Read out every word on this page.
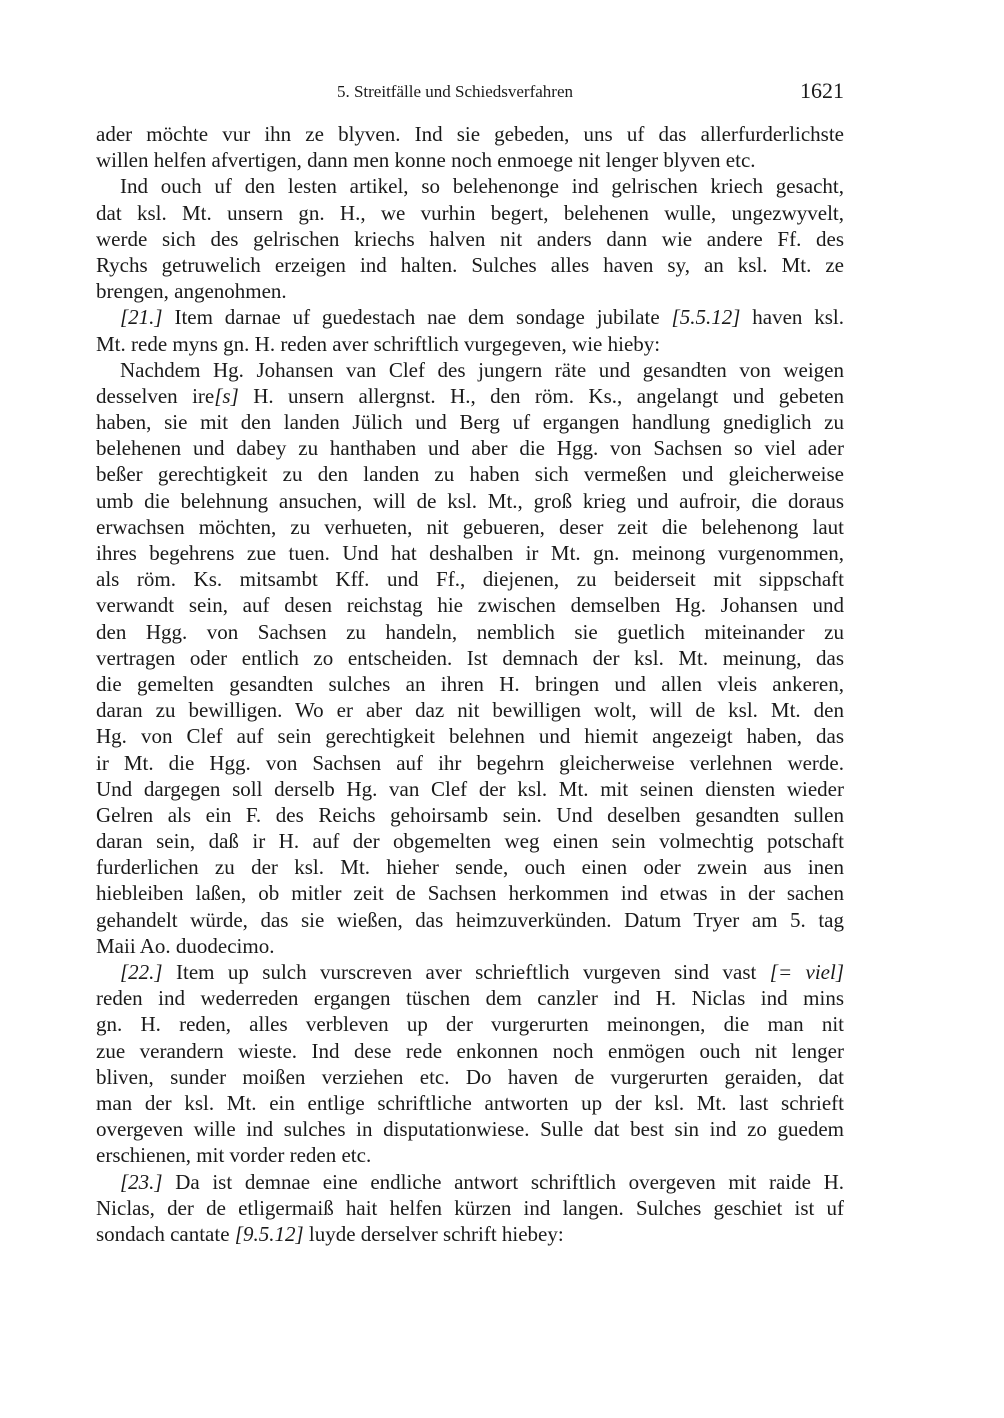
5. Streitfälle und Schiedsverfahren	1621
ader möchte vur ihn ze blyven. Ind sie gebeden, uns uf das allerfurderlichste
willen helfen afvertigen, dann men konne noch enmoege nit lenger blyven etc.
Ind ouch uf den lesten artikel, so belehenonge ind gelrischen kriech gesacht,
dat ksl. Mt. unsern gn. H., we vurhin begert, belehenen wulle, ungezwyvelt,
werde sich des gelrischen kriechs halven nit anders dann wie andere Ff. des
Rychs getruwelich erzeigen ind halten. Sulches alles haven sy, an ksl. Mt. ze
brengen, angenohmen.
[21.] Item darnae uf guedestach nae dem sondage jubilate [5.5.12] haven ksl.
Mt. rede myns gn. H. reden aver schriftlich vurgegeven, wie hieby:
Nachdem Hg. Johansen van Clef des jungern räte und gesandten von weigen
desselven ire[s] H. unsern allergnst. H., den röm. Ks., angelangt und gebeten
haben, sie mit den landen Jülich und Berg uf ergangen handlung gnediglich zu
belehenen und dabey zu hanthaben und aber die Hgg. von Sachsen so viel ader
beßer gerechtigkeit zu den landen zu haben sich vermeßen und gleicherweise
umb die belehnung ansuchen, will de ksl. Mt., groß krieg und aufroir, die doraus
erwachsen möchten, zu verhueten, nit gebueren, deser zeit die belehenong laut
ihres begehrens zue tuen. Und hat deshalben ir Mt. gn. meinong vurgenommen,
als röm. Ks. mitsambt Kff. und Ff., diejenen, zu beiderseit mit sippschaft
verwandt sein, auf desen reichstag hie zwischen demselben Hg. Johansen und
den Hgg. von Sachsen zu handeln, nemblich sie guetlich miteinander zu
vertragen oder entlich zo entscheiden. Ist demnach der ksl. Mt. meinung, das
die gemelten gesandten sulches an ihren H. bringen und allen vleis ankeren,
daran zu bewilligen. Wo er aber daz nit bewilligen wolt, will de ksl. Mt. den
Hg. von Clef auf sein gerechtigkeit belehnen und hiemit angezeigt haben, das
ir Mt. die Hgg. von Sachsen auf ihr begehrn gleicherweise verlehnen werde.
Und dargegen soll derselb Hg. van Clef der ksl. Mt. mit seinen diensten wieder
Gelren als ein F. des Reichs gehoirsamb sein. Und deselben gesandten sullen
daran sein, daß ir H. auf der obgemelten weg einen sein volmechtig potschaft
furderlichen zu der ksl. Mt. hieher sende, ouch einen oder zwein aus inen
hiebleiben laßen, ob mitler zeit de Sachsen herkommen ind etwas in der sachen
gehandelt würde, das sie wießen, das heimzuverkünden. Datum Tryer am 5. tag
Maii Ao. duodecimo.
[22.] Item up sulch vurscreven aver schrieftlich vurgeven sind vast [= viel]
reden ind wederreden ergangen tüschen dem canzler ind H. Niclas ind mins
gn. H. reden, alles verbleven up der vurgerurten meinongen, die man nit
zue verandern wieste. Ind dese rede enkonnen noch enmögen ouch nit lenger
bliven, sunder moißen verziehen etc. Do haven de vurgerurten geraiden, dat
man der ksl. Mt. ein entlige schriftliche antworten up der ksl. Mt. last schrieft
overgeven wille ind sulches in disputationwiese. Sulle dat best sin ind zo guedem
erschienen, mit vorder reden etc.
[23.] Da ist demnae eine endliche antwort schriftlich overgeven mit raide H.
Niclas, der de etligermaiß hait helfen kürzen ind langen. Sulches geschiet ist uf
sondach cantate [9.5.12] luyde derselver schrift hiebey:
